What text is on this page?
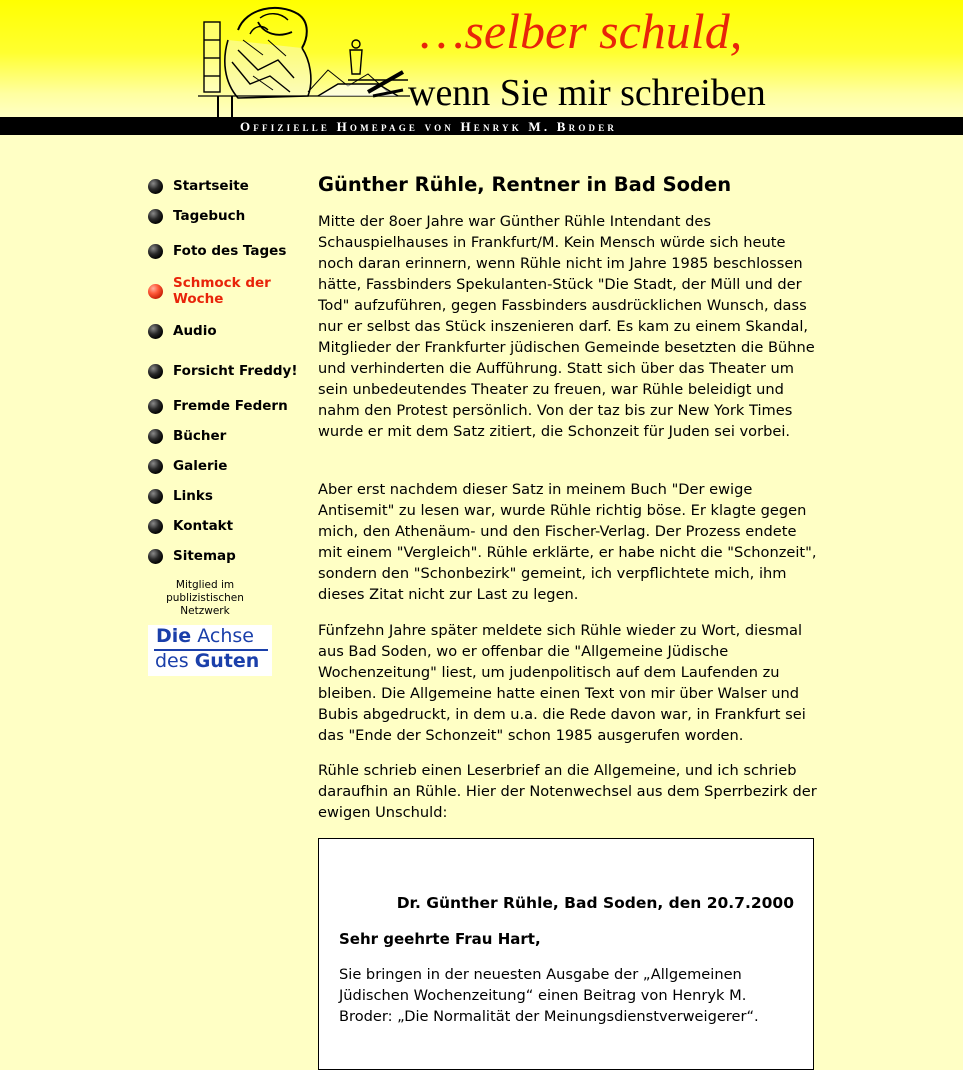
…selber schuld,
wenn Sie mir schreiben
Offizielle Homepage von Henryk M. Broder
Startseite
Tagebuch
Foto des Tages
Schmock der Woche
Audio
Forsicht Freddy!
Fremde Federn
Bücher
Galerie
Links
Kontakt
Sitemap
Mitglied im publizistischen Netzwerk
Die Achse
des Guten
Günther Rühle, Rentner in Bad Soden

Mitte der 8oer Jahre war Günther Rühle Intendant des Schauspielhauses in Frankfurt/M. Kein Mensch würde sich heute noch daran erinnern, wenn Rühle nicht im Jahre 1985 beschlossen hätte, Fassbinders Spekulanten-Stück "Die Stadt, der Müll und der Tod" aufzuführen, gegen Fassbinders ausdrücklichen Wunsch, dass nur er selbst das Stück inszenieren darf. Es kam zu einem Skandal, Mitglieder der Frankfurter jüdischen Gemeinde besetzten die Bühne und verhinderten die Aufführung. Statt sich über das Theater um sein unbedeutendes Theater zu freuen, war Rühle beleidigt und nahm den Protest persönlich. Von der taz bis zur New York Times wurde er mit dem Satz zitiert, die Schonzeit für Juden sei vorbei.

Aber erst nachdem dieser Satz in meinem Buch "Der ewige Antisemit" zu lesen war, wurde Rühle richtig böse. Er klagte gegen mich, den Athenäum- und den Fischer-Verlag. Der Prozess endete mit einem "Vergleich". Rühle erklärte, er habe nicht die "Schonzeit", sondern den "Schonbezirk" gemeint, ich verpflichtete mich, ihm dieses Zitat nicht zur Last zu legen.

Fünfzehn Jahre später meldete sich Rühle wieder zu Wort, diesmal aus Bad Soden, wo er offenbar die "Allgemeine Jüdische Wochenzeitung" liest, um judenpolitisch auf dem Laufenden zu bleiben. Die Allgemeine hatte einen Text von mir über Walser und Bubis abgedruckt, in dem u.a. die Rede davon war, in Frankfurt sei das "Ende der Schonzeit" schon 1985 ausgerufen worden.

Rühle schrieb einen Leserbrief an die Allgemeine, und ich schrieb daraufhin an Rühle. Hier der Notenwechsel aus dem Sperrbezirk der ewigen Unschuld:

Dr. Günther Rühle, Bad Soden, den 20.7.2000
Sehr geehrte Frau Hart,
Sie bringen in der neuesten Ausgabe der „Allgemeinen Jüdischen Wochenzeitung“ einen Beitrag von Henryk M. Broder: „Die Normalität der Meinungsdienstverweigerer“.
